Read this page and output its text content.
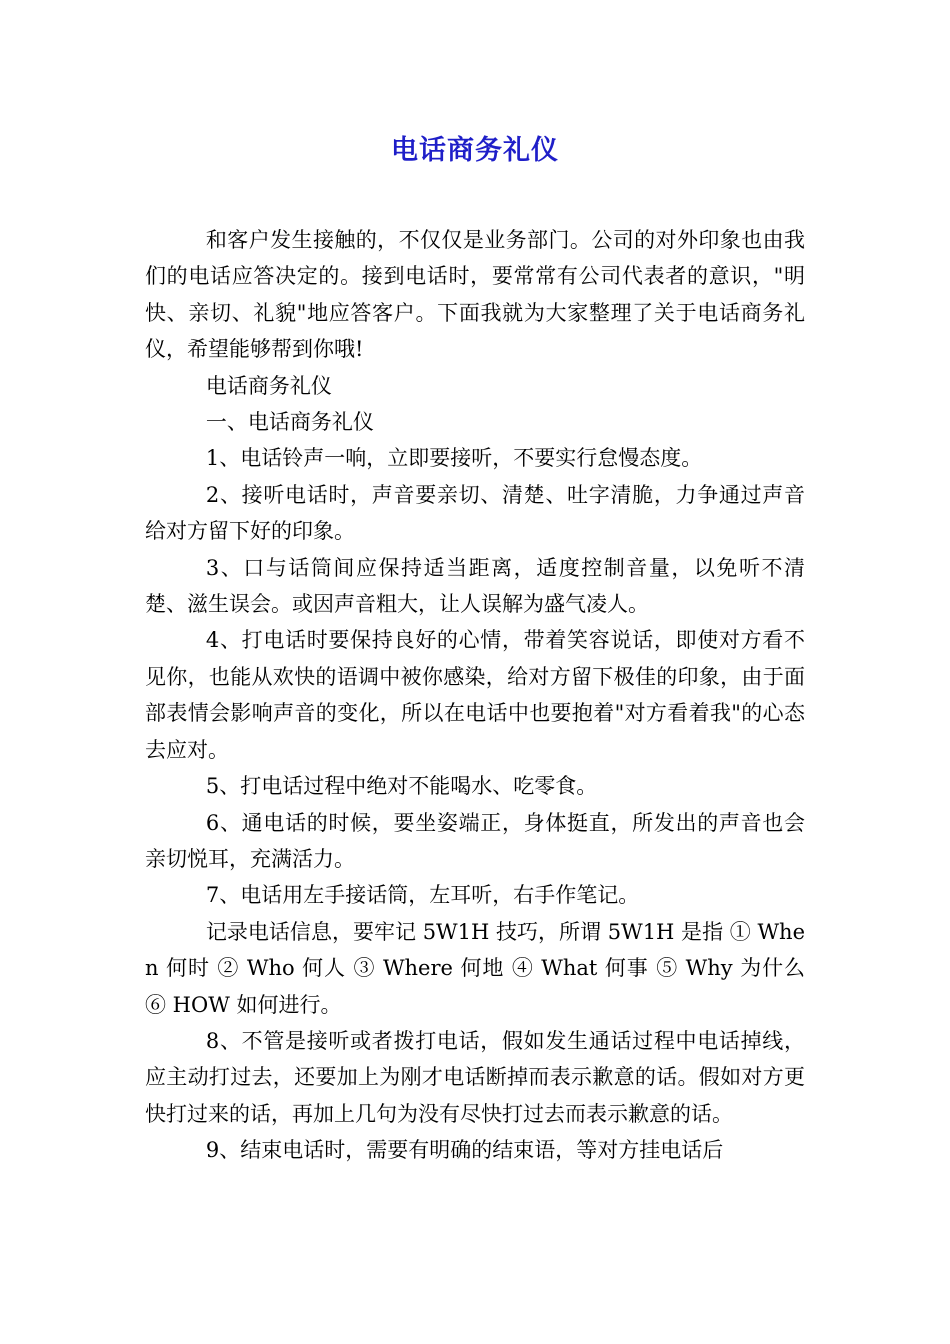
电话商务礼仪

和客户发生接触的，不仅仅是业务部门。公司的对外印象也由我们的电话应答决定的。接到电话时，要常常有公司代表者的意识，"明快、亲切、礼貌"地应答客户。下面我就为大家整理了关于电话商务礼仪，希望能够帮到你哦!

电话商务礼仪

一、电话商务礼仪

1、电话铃声一响，立即要接听，不要实行怠慢态度。

2、接听电话时，声音要亲切、清楚、吐字清脆，力争通过声音给对方留下好的印象。

3、口与话筒间应保持适当距离，适度控制音量，以免听不清楚、滋生误会。或因声音粗大，让人误解为盛气凌人。

4、打电话时要保持良好的心情，带着笑容说话，即使对方看不见你，也能从欢快的语调中被你感染，给对方留下极佳的印象，由于面部表情会影响声音的变化，所以在电话中也要抱着"对方看着我"的心态去应对。

5、打电话过程中绝对不能喝水、吃零食。

6、通电话的时候，要坐姿端正，身体挺直，所发出的声音也会亲切悦耳，充满活力。

7、电话用左手接话筒，左耳听，右手作笔记。

记录电话信息，要牢记 5W1H 技巧，所谓 5W1H 是指 ① When 何时 ② Who 何人 ③ Where 何地 ④ What 何事 ⑤ Why 为什么 ⑥ HOW 如何进行。

8、不管是接听或者拨打电话，假如发生通话过程中电话掉线，应主动打过去，还要加上为刚才电话断掉而表示歉意的话。假如对方更快打过来的话，再加上几句为没有尽快打过去而表示歉意的话。

9、结束电话时，需要有明确的结束语，等对方挂电话后
